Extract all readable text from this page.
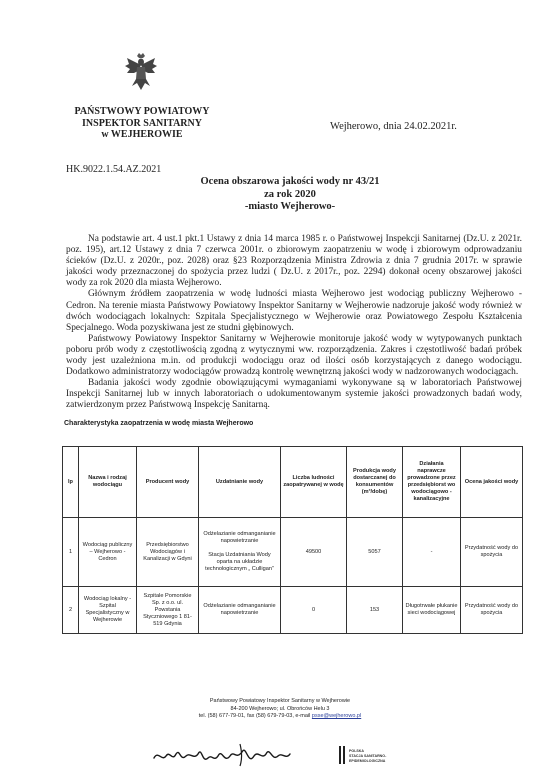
PAŃSTWOWY POWIATOWY
INSPEKTOR SANITARNY
w WEJHEROWIE
Wejherowo, dnia 24.02.2021r.
HK.9022.1.54.AZ.2021
Ocena obszarowa jakości wody nr 43/21
za rok 2020
-miasto Wejherowo-

Na podstawie art. 4 ust.1 pkt.1 Ustawy z dnia 14 marca 1985 r. o Państwowej Inspekcji Sanitarnej (Dz.U. z 2021r. poz. 195), art.12 Ustawy z dnia 7 czerwca 2001r. o zbiorowym zaopatrzeniu w wodę i zbiorowym odprowadzaniu ścieków (Dz.U. z 2020r., poz. 2028) oraz §23 Rozporządzenia Ministra Zdrowia z dnia 7 grudnia 2017r. w sprawie jakości wody przeznaczonej do spożycia przez ludzi ( Dz.U. z 2017r., poz. 2294) dokonał oceny obszarowej jakości wody za rok 2020 dla miasta Wejherowo.

Głównym źródłem zaopatrzenia w wodę ludności miasta Wejherowo jest wodociąg publiczny Wejherowo - Cedron. Na terenie miasta Państwowy Powiatowy Inspektor Sanitarny w Wejherowie nadzoruje jakość wody również w dwóch wodociągach lokalnych: Szpitala Specjalistycznego w Wejherowie oraz Powiatowego Zespołu Kształcenia Specjalnego. Woda pozyskiwana jest ze studni głębinowych.

Państwowy Powiatowy Inspektor Sanitarny w Wejherowie monitoruje jakość wody w wytypowanych punktach poboru prób wody z częstotliwością zgodną z wytycznymi ww. rozporządzenia. Zakres i częstotliwość badań próbek wody jest uzależniona m.in. od produkcji wodociągu oraz od ilości osób korzystających z danego wodociągu. Dodatkowo administratorzy wodociągów prowadzą kontrolę wewnętrzną jakości wody w nadzorowanych wodociągach.

Badania jakości wody zgodnie obowiązującymi wymaganiami wykonywane są w laboratoriach Państwowej Inspekcji Sanitarnej lub w innych laboratoriach o udokumentowanym systemie jakości prowadzonych badań wody, zatwierdzonym przez Państwową Inspekcję Sanitarną.

Charakterystyka zaopatrzenia w wodę miasta Wejherowo
lp	Nazwa i rodzaj wodociągu	Producent wody	Uzdatnianie wody	Liczba ludności zaopatrywanej w wodę	Produkcja wody dostarczanej do konsumentów (m³/dobę)	Działania naprawcze prowadzone przez przedsiębiorst wo wodociągowo - kanalizacyjne	Ocena jakości wody
1	Wodociąg publiczny – Wejherowo - Cedron	Przedsiębiorstwo Wodociągów i Kanalizacji w Gdyni	Odżelazianie odmanganianie napowietrzanie

Stacja Uzdatniania Wody oparta na układzie technologicznym „ Culligan”	49500	5057	-	Przydatność wody do spożycia
2	Wodociąg lokalny - Szpital Specjalistyczny w Wejherowie	Szpitale Pomorskie Sp. z o.o. ul. Powstania Styczniowego 1 81-519 Gdynia	Odżelazianie odmanganianie napowietrzanie	0	153	Długotrwałe płukanie sieci wodociągowej	Przydatność wody do spożycia
Państwowy Powiatowy Inspektor Sanitarny w Wejherowie
84-200 Wejherowo; ul. Obrońców Helu 3
tel. (58) 677-79-01, fax (58) 679-79-03, e-mail psse@wejherowo.pl
POLSKA
STACJA SANITARNO-
EPIDEMIOLOGICZNA
